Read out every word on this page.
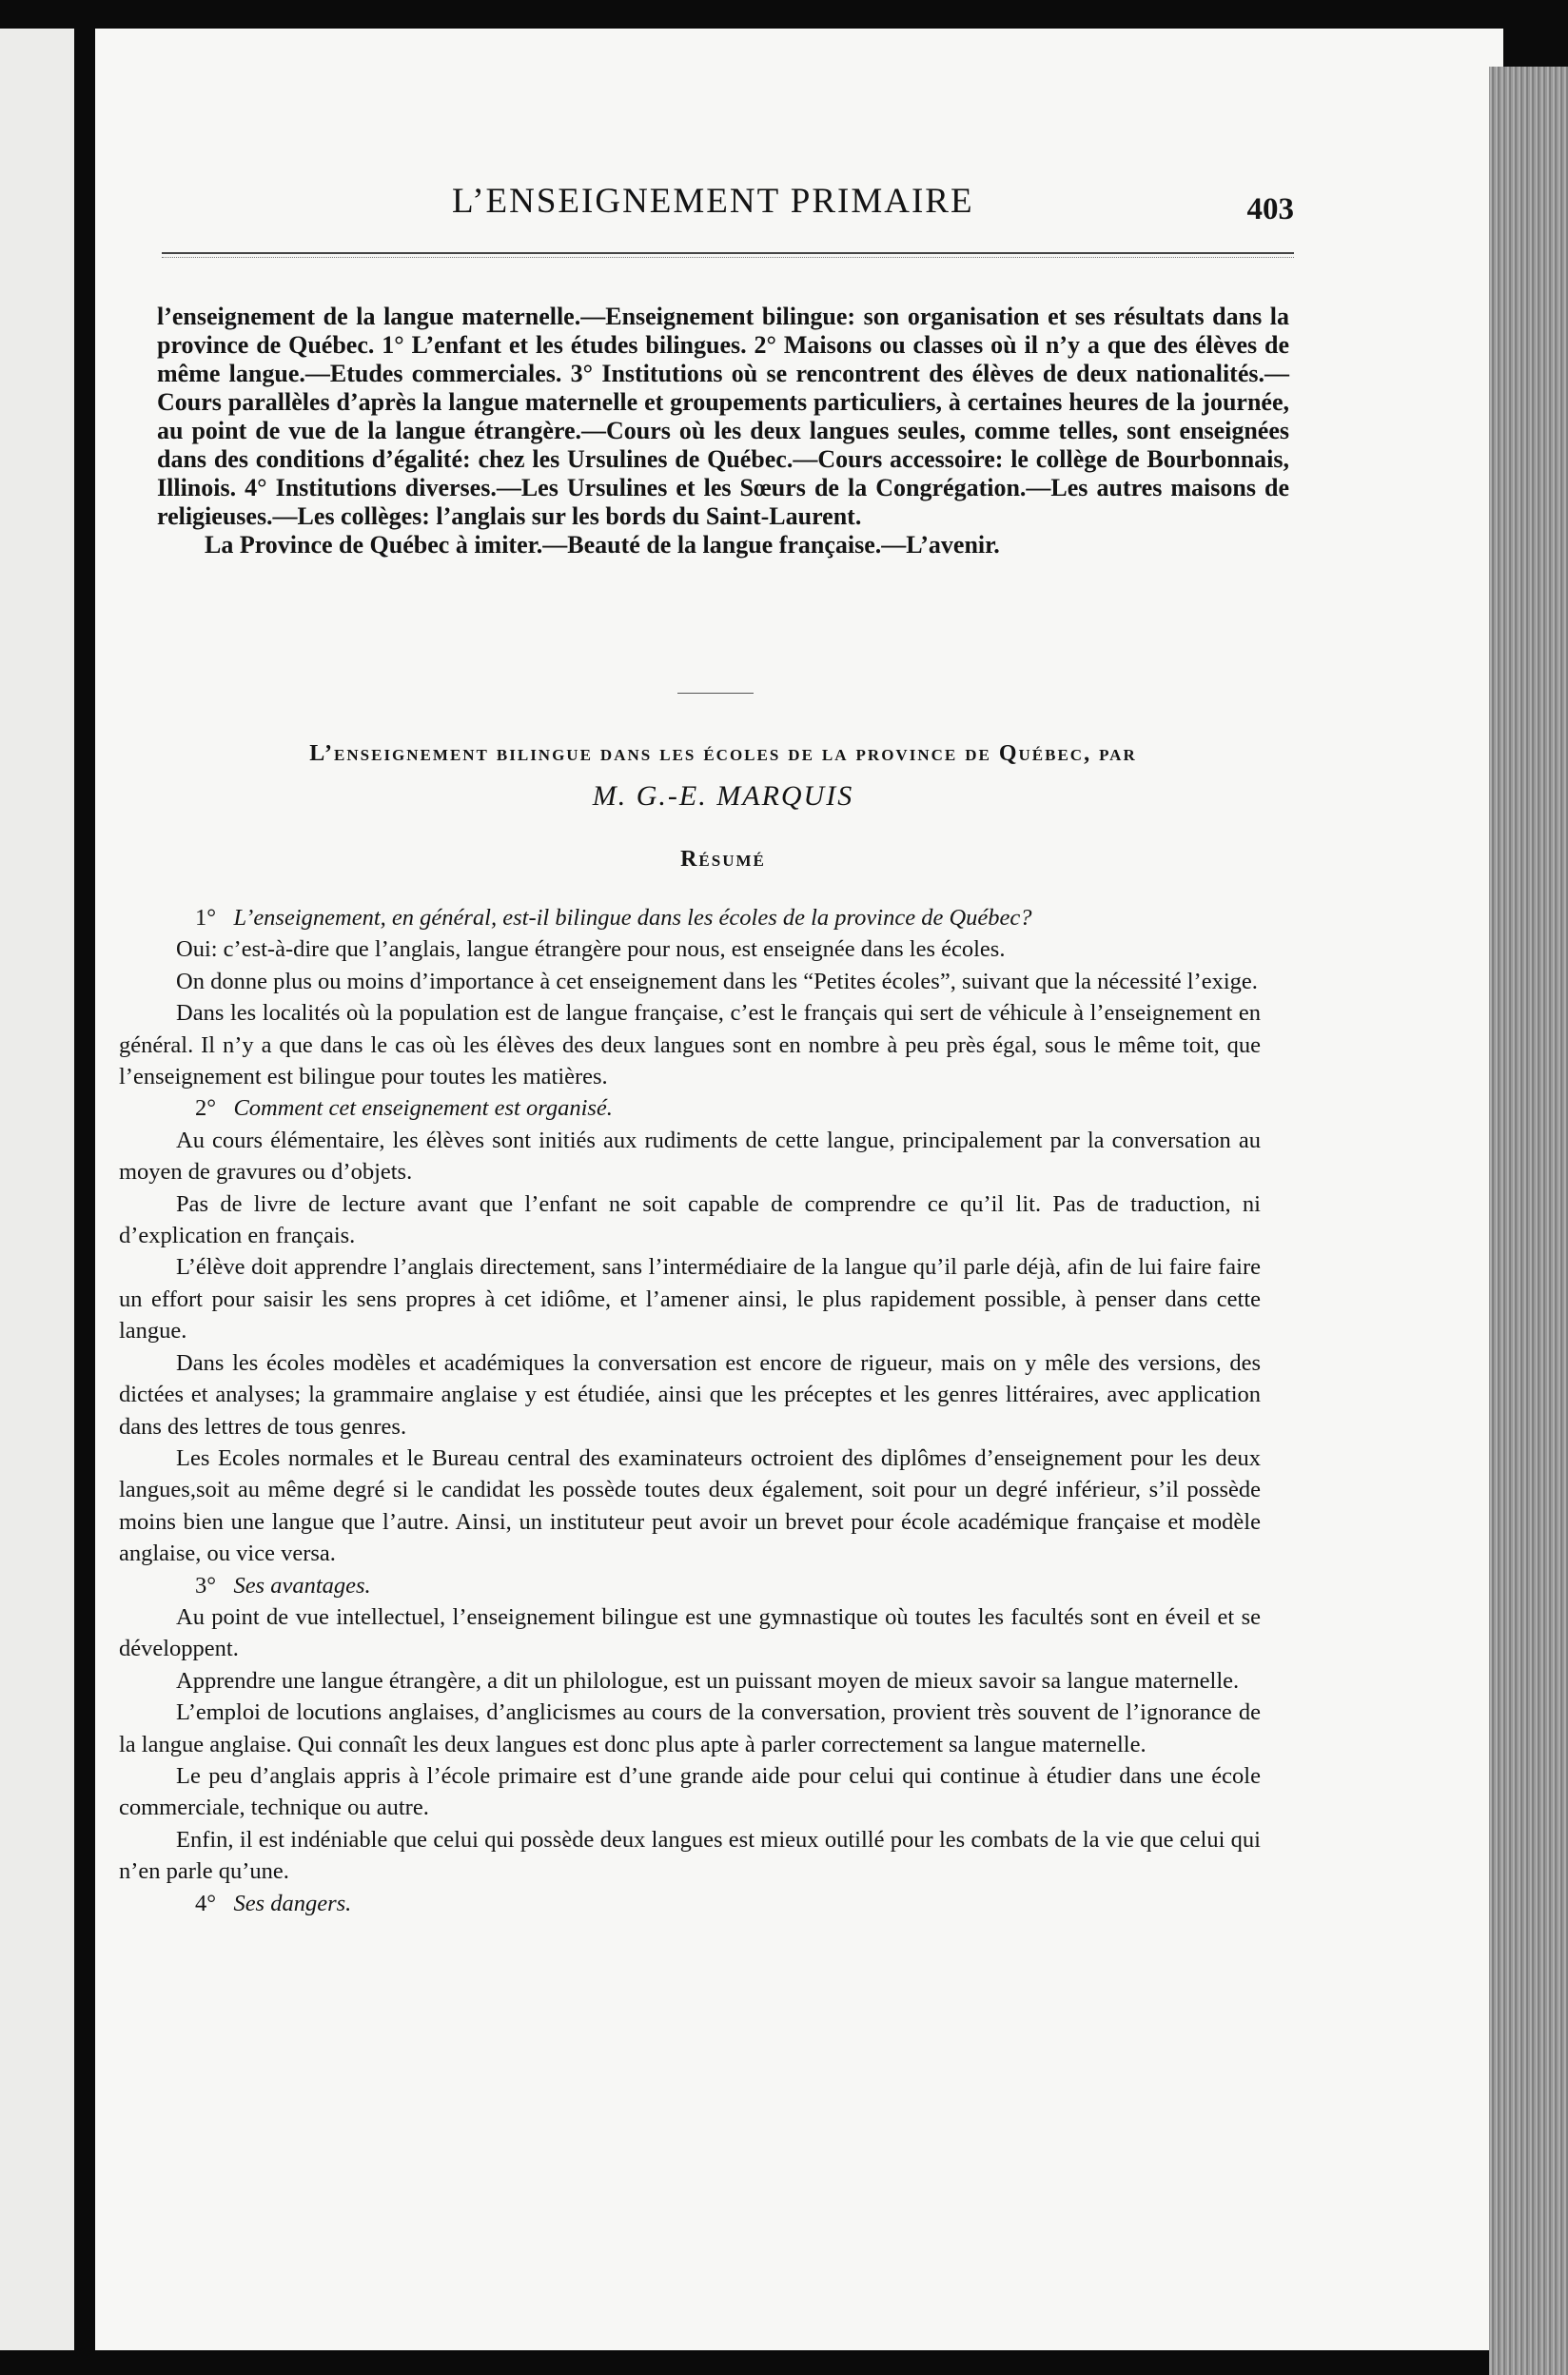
L’ENSEIGNEMENT PRIMAIRE	403

l’enseignement de la langue maternelle.—Enseignement bilingue: son organisation et ses résultats dans la province de Québec. 1° L’enfant et les études bilingues. 2° Maisons ou classes où il n’y a que des élèves de même langue.—Etudes commerciales. 3° Institutions où se rencontrent des élèves de deux nationalités.—Cours parallèles d’après la langue maternelle et groupements particuliers, à certaines heures de la journée, au point de vue de la langue étrangère.—Cours où les deux langues seules, comme telles, sont enseignées dans des conditions d’égalité: chez les Ursulines de Québec.—Cours accessoire: le collège de Bourbonnais, Illinois. 4° Institutions diverses.—Les Ursulines et les Sœurs de la Congrégation.—Les autres maisons de religieuses.—Les collèges: l’anglais sur les bords du Saint-Laurent.

La Province de Québec à imiter.—Beauté de la langue française.—L’avenir.

L’enseignement bilingue dans les écoles de la province de Québec, par
M. G.-E. MARQUIS
Résumé

1° L’enseignement, en général, est-il bilingue dans les écoles de la province de Québec?

Oui: c’est-à-dire que l’anglais, langue étrangère pour nous, est enseignée dans les écoles.

On donne plus ou moins d’importance à cet enseignement dans les “Petites écoles”, suivant que la nécessité l’exige.

Dans les localités où la population est de langue française, c’est le français qui sert de véhicule à l’enseignement en général. Il n’y a que dans le cas où les élèves des deux langues sont en nombre à peu près égal, sous le même toit, que l’enseignement est bilingue pour toutes les matières.

2° Comment cet enseignement est organisé.

Au cours élémentaire, les élèves sont initiés aux rudiments de cette langue, principalement par la conversation au moyen de gravures ou d’objets.

Pas de livre de lecture avant que l’enfant ne soit capable de comprendre ce qu’il lit. Pas de traduction, ni d’explication en français.

L’élève doit apprendre l’anglais directement, sans l’intermédiaire de la langue qu’il parle déjà, afin de lui faire faire un effort pour saisir les sens propres à cet idiôme, et l’amener ainsi, le plus rapidement possible, à penser dans cette langue.

Dans les écoles modèles et académiques la conversation est encore de rigueur, mais on y mêle des versions, des dictées et analyses; la grammaire anglaise y est étudiée, ainsi que les préceptes et les genres littéraires, avec application dans des lettres de tous genres.

Les Ecoles normales et le Bureau central des examinateurs octroient des diplômes d’enseignement pour les deux langues,soit au même degré si le candidat les possède toutes deux également, soit pour un degré inférieur, s’il possède moins bien une langue que l’autre. Ainsi, un instituteur peut avoir un brevet pour école académique française et modèle anglaise, ou vice versa.

3° Ses avantages.

Au point de vue intellectuel, l’enseignement bilingue est une gymnastique où toutes les facultés sont en éveil et se développent.

Apprendre une langue étrangère, a dit un philologue, est un puissant moyen de mieux savoir sa langue maternelle.

L’emploi de locutions anglaises, d’anglicismes au cours de la conversation, provient très souvent de l’ignorance de la langue anglaise. Qui connaît les deux langues est donc plus apte à parler correctement sa langue maternelle.

Le peu d’anglais appris à l’école primaire est d’une grande aide pour celui qui continue à étudier dans une école commerciale, technique ou autre.

Enfin, il est indéniable que celui qui possède deux langues est mieux outillé pour les combats de la vie que celui qui n’en parle qu’une.

4° Ses dangers.
